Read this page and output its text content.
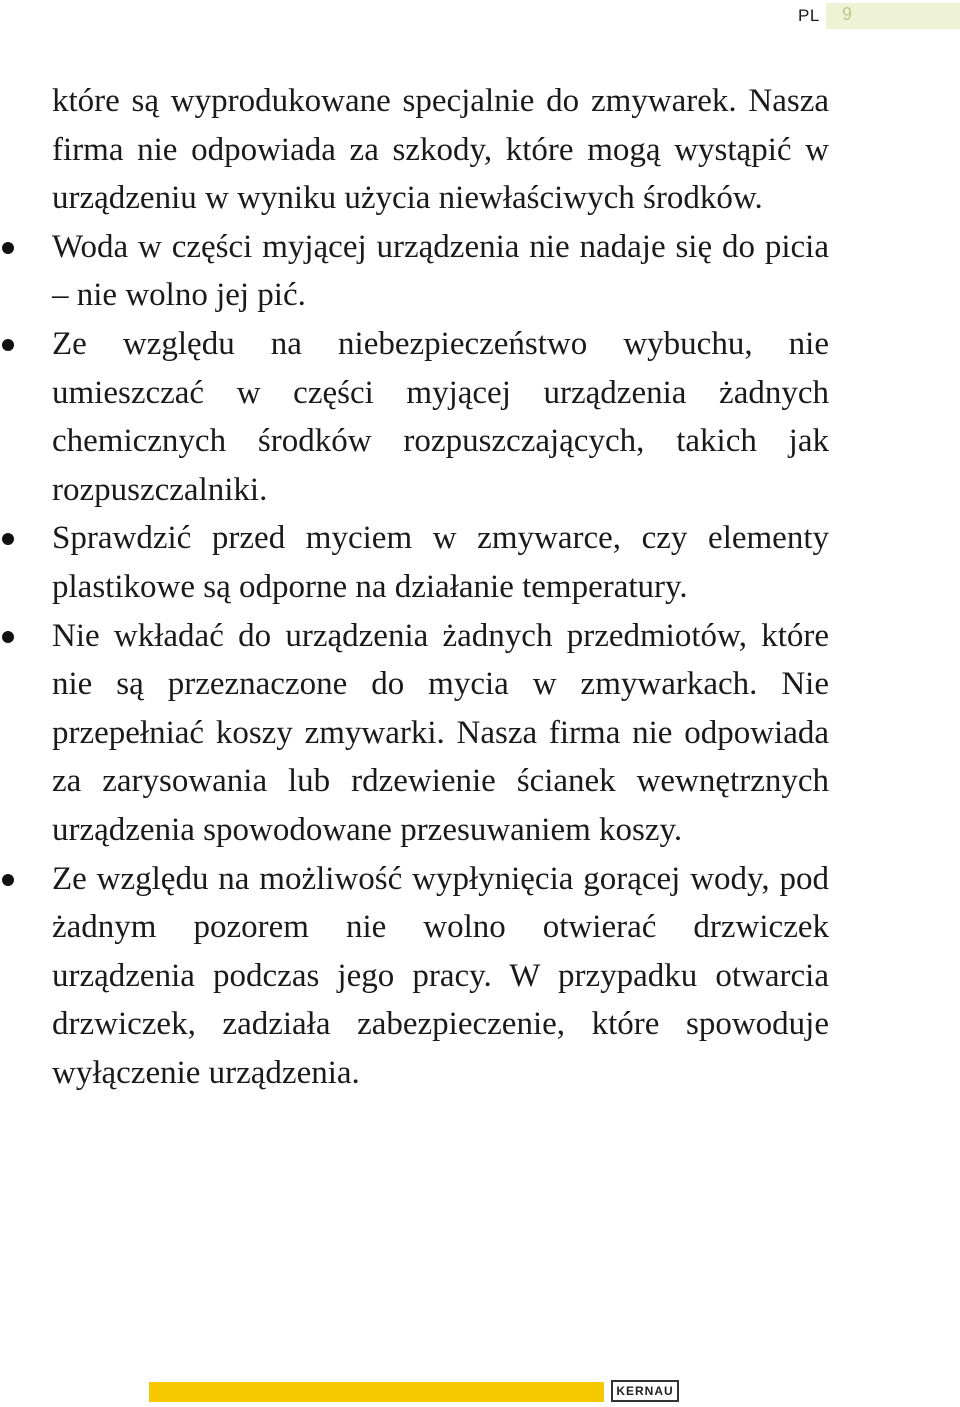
PL 9

które są wyprodukowane specjalnie do zmywarek. Nasza firma nie odpowiada za szkody, które mogą wystąpić w urządzeniu w wyniku użycia niewłaściwych środków.

Woda w części myjącej urządzenia nie nadaje się do picia – nie wolno jej pić.

Ze względu na niebezpieczeństwo wybuchu, nie umieszczać w części myjącej urządzenia żadnych chemicznych środków rozpuszczających, takich jak rozpuszczalniki.

Sprawdzić przed myciem w zmywarce, czy elementy plastikowe są odporne na działanie temperatury.

Nie wkładać do urządzenia żadnych przedmiotów, które nie są przeznaczone do mycia w zmywarkach. Nie przepełniać koszy zmywarki. Nasza firma nie odpowiada za zarysowania lub rdzewienie ścianek wewnętrznych urządzenia spowodowane przesuwaniem koszy.

Ze względu na możliwość wypłynięcia gorącej wody, pod żadnym pozorem nie wolno otwierać drzwiczek urządzenia podczas jego pracy. W przypadku otwarcia drzwiczek, zadziała zabezpieczenie, które spowoduje wyłączenie urządzenia.

KERNAU
